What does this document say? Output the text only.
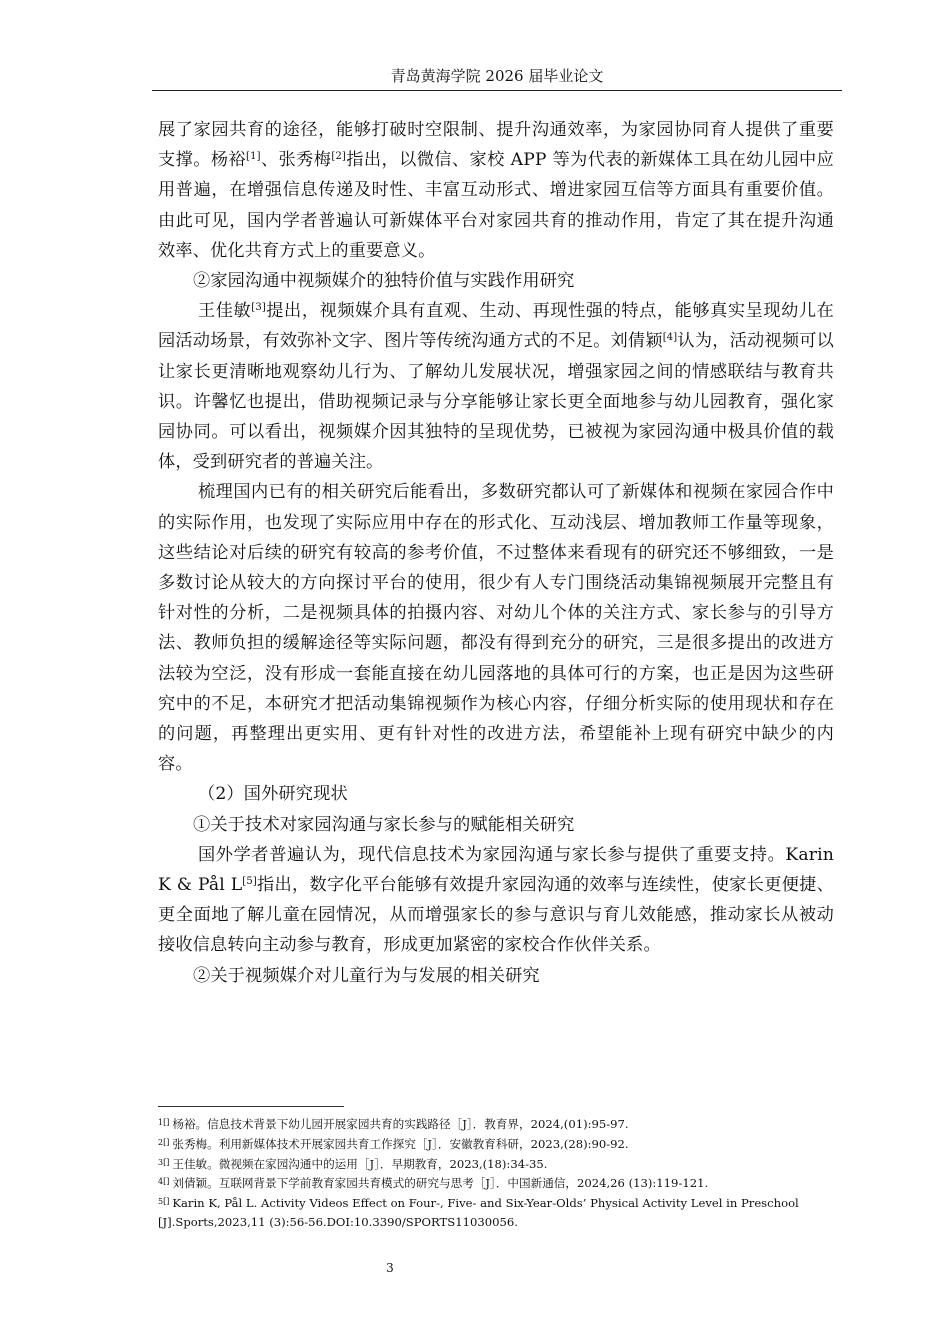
青岛黄海学院 2026 届毕业论文

展了家园共育的途径，能够打破时空限制、提升沟通效率，为家园协同育人提供了重要支撑。杨裕[1]、张秀梅[2]指出，以微信、家校 APP 等为代表的新媒体工具在幼儿园中应用普遍，在增强信息传递及时性、丰富互动形式、增进家园互信等方面具有重要价值。由此可见，国内学者普遍认可新媒体平台对家园共育的推动作用，肯定了其在提升沟通效率、优化共育方式上的重要意义。

②家园沟通中视频媒介的独特价值与实践作用研究

王佳敏[3]提出，视频媒介具有直观、生动、再现性强的特点，能够真实呈现幼儿在园活动场景，有效弥补文字、图片等传统沟通方式的不足。刘倩颖[4]认为，活动视频可以让家长更清晰地观察幼儿行为、了解幼儿发展状况，增强家园之间的情感联结与教育共识。许馨忆也提出，借助视频记录与分享能够让家长更全面地参与幼儿园教育，强化家园协同。可以看出，视频媒介因其独特的呈现优势，已被视为家园沟通中极具价值的载体，受到研究者的普遍关注。

梳理国内已有的相关研究后能看出，多数研究都认可了新媒体和视频在家园合作中的实际作用，也发现了实际应用中存在的形式化、互动浅层、增加教师工作量等现象，这些结论对后续的研究有较高的参考价值，不过整体来看现有的研究还不够细致，一是多数讨论从较大的方向探讨平台的使用，很少有人专门围绕活动集锦视频展开完整且有针对性的分析，二是视频具体的拍摄内容、对幼儿个体的关注方式、家长参与的引导方法、教师负担的缓解途径等实际问题，都没有得到充分的研究，三是很多提出的改进方法较为空泛，没有形成一套能直接在幼儿园落地的具体可行的方案，也正是因为这些研究中的不足，本研究才把活动集锦视频作为核心内容，仔细分析实际的使用现状和存在的问题，再整理出更实用、更有针对性的改进方法，希望能补上现有研究中缺少的内容。

（2）国外研究现状

①关于技术对家园沟通与家长参与的赋能相关研究

国外学者普遍认为，现代信息技术为家园沟通与家长参与提供了重要支持。Karin K & Pål L[5]指出，数字化平台能够有效提升家园沟通的效率与连续性，使家长更便捷、更全面地了解儿童在园情况，从而增强家长的参与意识与育儿效能感，推动家长从被动接收信息转向主动参与教育，形成更加紧密的家校合作伙伴关系。

②关于视频媒介对儿童行为与发展的相关研究

$^{1[]}$ 杨裕。信息技术背景下幼儿园开展家园共育的实践路径［J］．教育界，2024,(01):95-97.

$^{2[]}$ 张秀梅。利用新媒体技术开展家园共育工作探究［J］．安徽教育科研，2023,(28):90-92.

$^{3[]}$ 王佳敏。微视频在家园沟通中的运用［J］．早期教育，2023,(18):34-35.

$^{4[]}$ 刘倩颖。互联网背景下学前教育家园共育模式的研究与思考［J］．中国新通信，2024,26 (13):119-121.

$^{5[]}$ Karin K, Pål L. Activity Videos Effect on Four-, Five- and Six-Year-Olds’ Physical Activity Level in Preschool [J].Sports,2023,11 (3):56-56.DOI:10.3390/SPORTS11030056.

3
